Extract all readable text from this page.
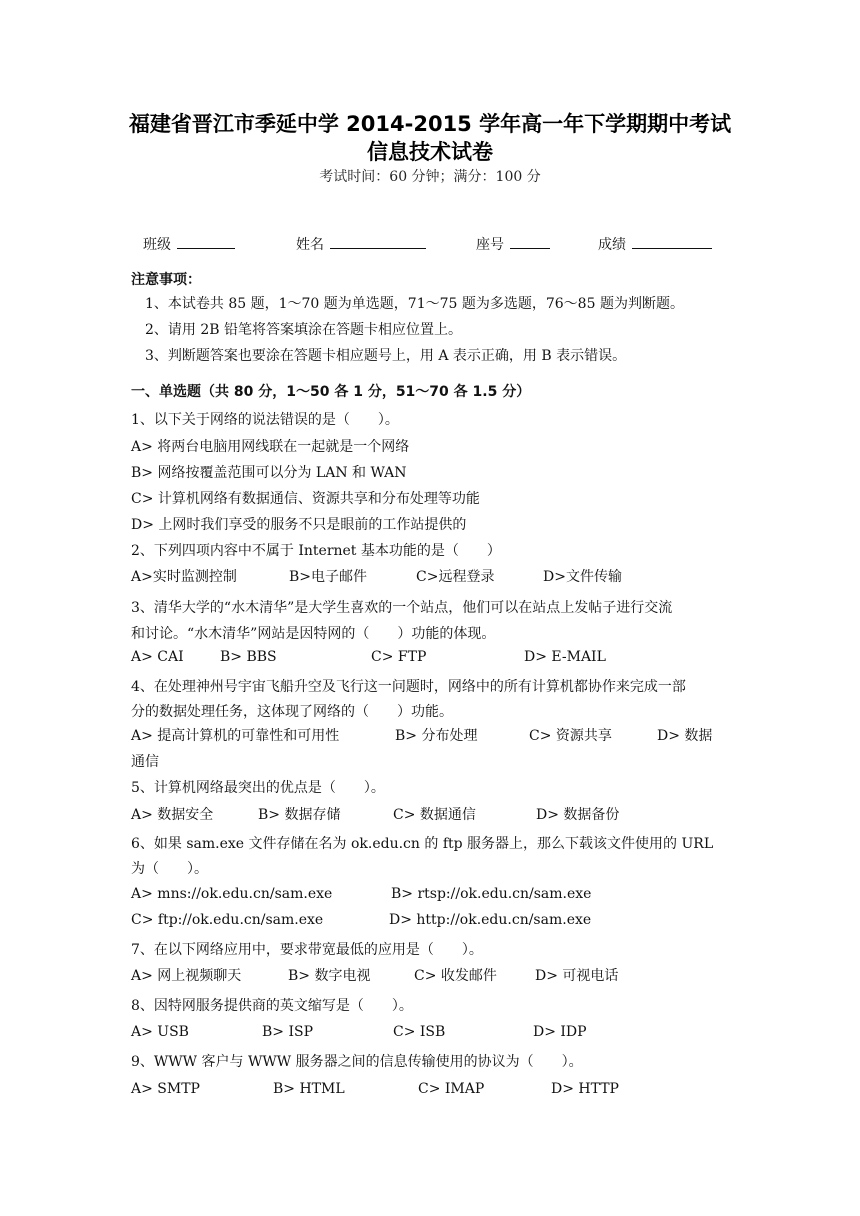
福建省晋江市季延中学 2014-2015 学年高一年下学期期中考试
信息技术试卷
考试时间：60 分钟；满分：100 分
班级	姓名	座号	成绩
注意事项：
1、本试卷共 85 题，1～70 题为单选题，71～75 题为多选题，76～85 题为判断题。
2、请用 2B 铅笔将答案填涂在答题卡相应位置上。
3、判断题答案也要涂在答题卡相应题号上，用 A 表示正确，用 B 表示错误。
一、单选题（共 80 分，1～50 各 1 分，51～70 各 1.5 分）
1、以下关于网络的说法错误的是（　　）。
A> 将两台电脑用网线联在一起就是一个网络
B> 网络按覆盖范围可以分为 LAN 和 WAN
C> 计算机网络有数据通信、资源共享和分布处理等功能
D> 上网时我们享受的服务不只是眼前的工作站提供的
2、下列四项内容中不属于 Internet 基本功能的是（　　）
A>实时监测控制	B>电子邮件	C>远程登录	D>文件传输
3、清华大学的“水木清华”是大学生喜欢的一个站点，他们可以在站点上发帖子进行交流
和讨论。“水木清华”网站是因特网的（　　）功能的体现。
A> CAI	B> BBS	C> FTP	D> E-MAIL
4、在处理神州号宇宙飞船升空及飞行这一问题时，网络中的所有计算机都协作来完成一部
分的数据处理任务，这体现了网络的（　　）功能。
A> 提高计算机的可靠性和可用性	B> 分布处理	C> 资源共享	D> 数据
通信
5、计算机网络最突出的优点是（　　）。
A> 数据安全	B> 数据存储	C> 数据通信	D> 数据备份
6、如果 sam.exe 文件存储在名为 ok.edu.cn 的 ftp 服务器上，那么下载该文件使用的 URL
为（　　）。
A> mns://ok.edu.cn/sam.exe	B> rtsp://ok.edu.cn/sam.exe
C> ftp://ok.edu.cn/sam.exe	D> http://ok.edu.cn/sam.exe
7、在以下网络应用中，要求带宽最低的应用是（　　）。
A> 网上视频聊天	B> 数字电视	C> 收发邮件	D> 可视电话
8、因特网服务提供商的英文缩写是（　　）。
A> USB	B> ISP	C> ISB	D> IDP
9、WWW 客户与 WWW 服务器之间的信息传输使用的协议为（　　）。
A> SMTP	B> HTML	C> IMAP	D> HTTP
